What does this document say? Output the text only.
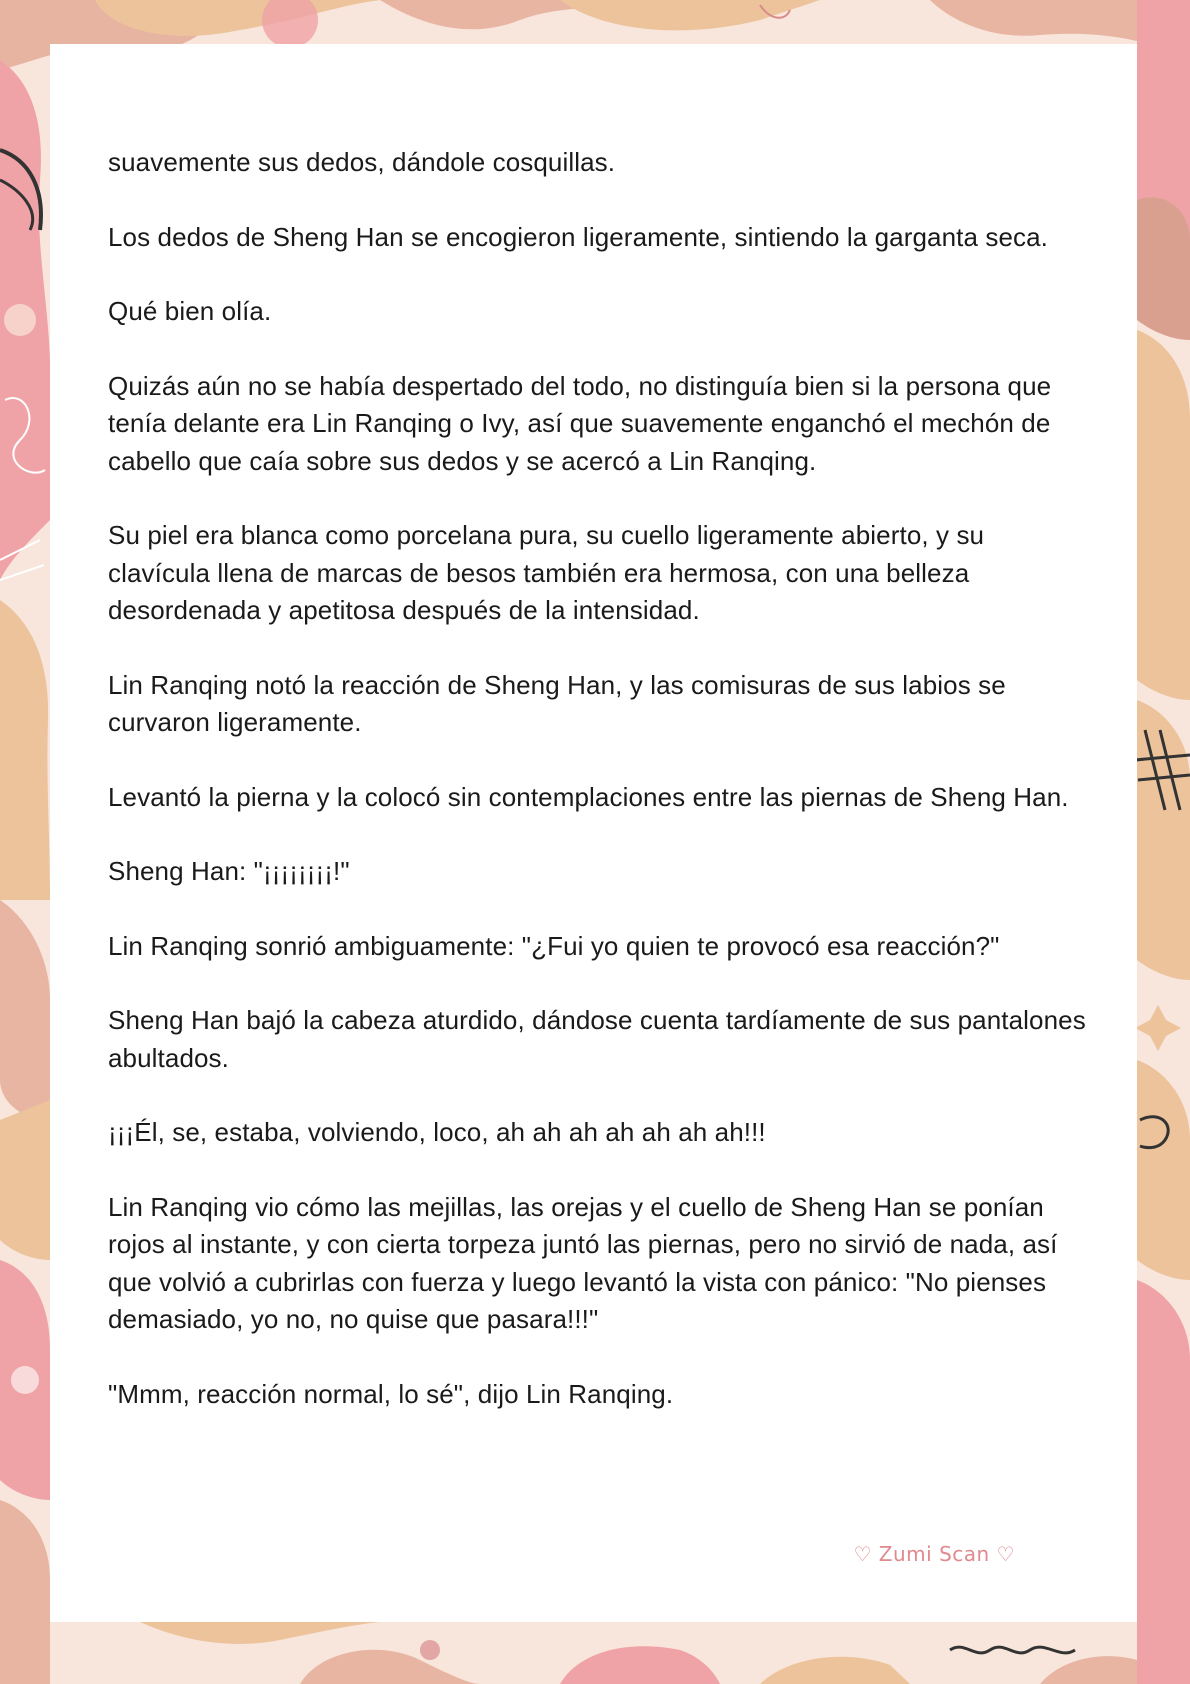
suavemente sus dedos, dándole cosquillas.

Los dedos de Sheng Han se encogieron ligeramente, sintiendo la garganta seca.

Qué bien olía.

Quizás aún no se había despertado del todo, no distinguía bien si la persona que tenía delante era Lin Ranqing o Ivy, así que suavemente enganchó el mechón de cabello que caía sobre sus dedos y se acercó a Lin Ranqing.

Su piel era blanca como porcelana pura, su cuello ligeramente abierto, y su clavícula llena de marcas de besos también era hermosa, con una belleza desordenada y apetitosa después de la intensidad.

Lin Ranqing notó la reacción de Sheng Han, y las comisuras de sus labios se curvaron ligeramente.

Levantó la pierna y la colocó sin contemplaciones entre las piernas de Sheng Han.

Sheng Han: "¡¡¡¡¡¡¡¡!"

Lin Ranqing sonrió ambiguamente: "¿Fui yo quien te provocó esa reacción?"

Sheng Han bajó la cabeza aturdido, dándose cuenta tardíamente de sus pantalones abultados.

¡¡¡Él, se, estaba, volviendo, loco, ah ah ah ah ah ah ah!!!

Lin Ranqing vio cómo las mejillas, las orejas y el cuello de Sheng Han se ponían rojos al instante, y con cierta torpeza juntó las piernas, pero no sirvió de nada, así que volvió a cubrirlas con fuerza y luego levantó la vista con pánico: "No pienses demasiado, yo no, no quise que pasara!!!"

"Mmm, reacción normal, lo sé", dijo Lin Ranqing.

♡ Zumi Scan ♡
